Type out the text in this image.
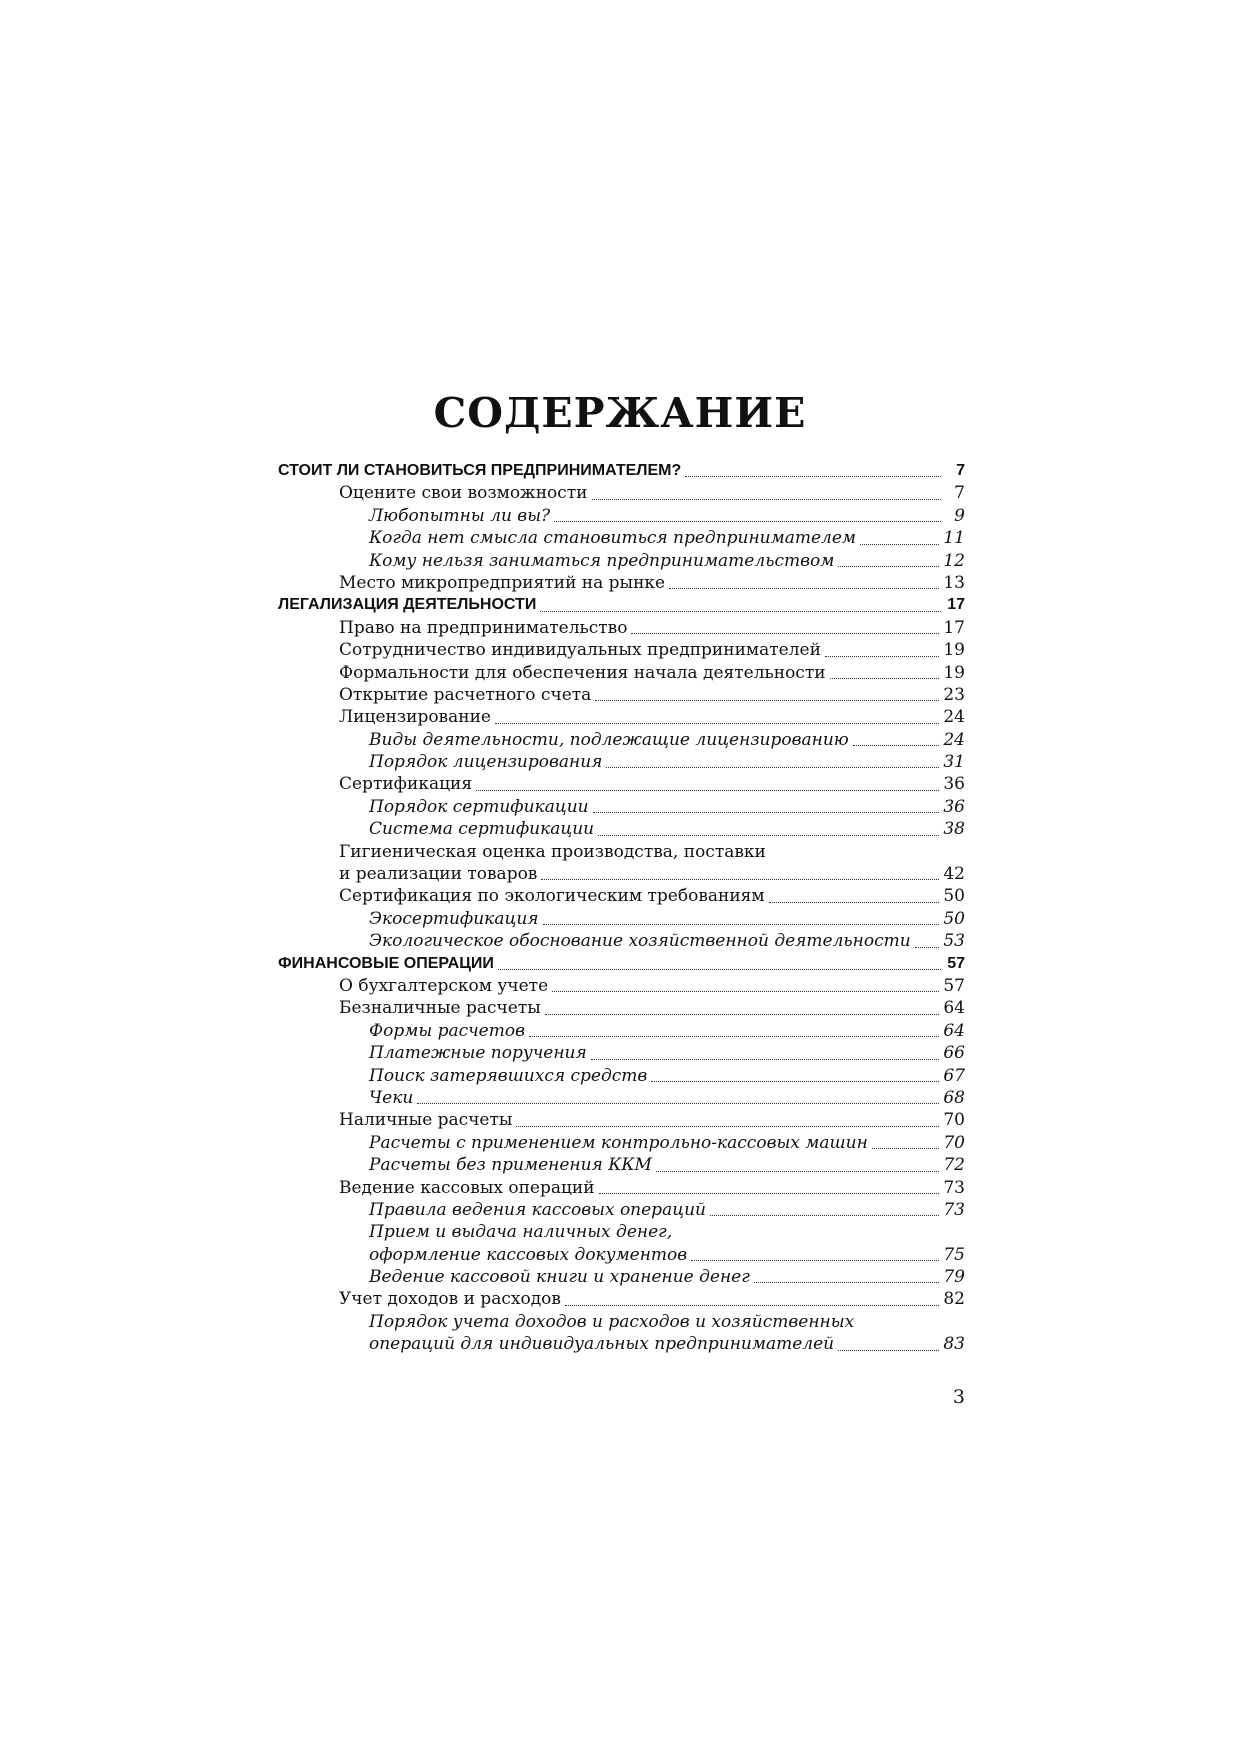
СОДЕРЖАНИЕ
СТОИТ ЛИ СТАНОВИТЬСЯ ПРЕДПРИНИМАТЕЛЕМ?	7
Оцените свои возможности	7
Любопытны ли вы?	9
Когда нет смысла становиться предпринимателем	11
Кому нельзя заниматься предпринимательством	12
Место микропредприятий на рынке	13
ЛЕГАЛИЗАЦИЯ ДЕЯТЕЛЬНОСТИ	17
Право на предпринимательство	17
Сотрудничество индивидуальных предпринимателей	19
Формальности для обеспечения начала деятельности	19
Открытие расчетного счета	23
Лицензирование	24
Виды деятельности, подлежащие лицензированию	24
Порядок лицензирования	31
Сертификация	36
Порядок сертификации	36
Система сертификации	38
Гигиеническая оценка производства, поставки
и реализации товаров	42
Сертификация по экологическим требованиям	50
Экосертификация	50
Экологическое обоснование хозяйственной деятельности 53
ФИНАНСОВЫЕ ОПЕРАЦИИ	57
О бухгалтерском учете	57
Безналичные расчеты	64
Формы расчетов	64
Платежные поручения	66
Поиск затерявшихся средств	67
Чеки	68
Наличные расчеты	70
Расчеты с применением контрольно-кассовых машин	70
Расчеты без применения ККМ	72
Ведение кассовых операций	73
Правила ведения кассовых операций	73
Прием и выдача наличных денег,
оформление кассовых документов	75
Ведение кассовой книги и хранение денег	79
Учет доходов и расходов	82
Порядок учета доходов и расходов и хозяйственных
операций для индивидуальных предпринимателей	83

3
